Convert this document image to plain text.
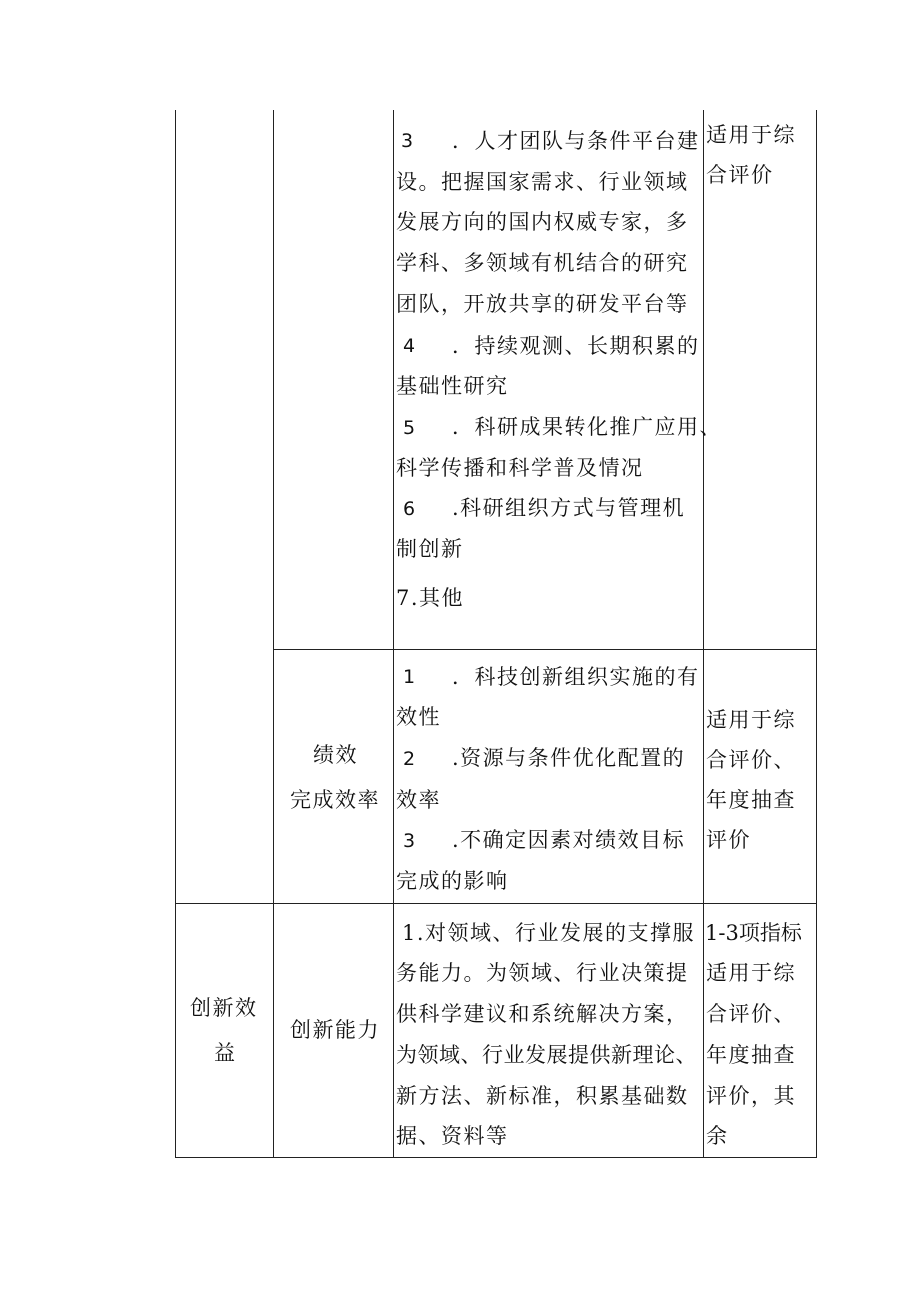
3 ．人才团队与条件平台建
设。把握国家需求、行业领域
发展方向的国内权威专家，多
学科、多领域有机结合的研究
团队，开放共享的研发平台等
4 ．持续观测、长期积累的
基础性研究
5 ．科研成果转化推广应用、
科学传播和科学普及情况
6 .科研组织方式与管理机
制创新
7.其他
适用于综
合评价
绩效
完成效率
1 ．科技创新组织实施的有
效性
2 .资源与条件优化配置的
效率
3 .不确定因素对绩效目标
完成的影响
适用于综
合评价、
年度抽查
评价
创新效
益
创新能力
1.对领域、行业发展的支撑服
务能力。为领域、行业决策提
供科学建议和系统解决方案，
为领域、行业发展提供新理论、
新方法、新标准，积累基础数
据、资料等
1-3项指标
适用于综
合评价、
年度抽查
评价，其
余
